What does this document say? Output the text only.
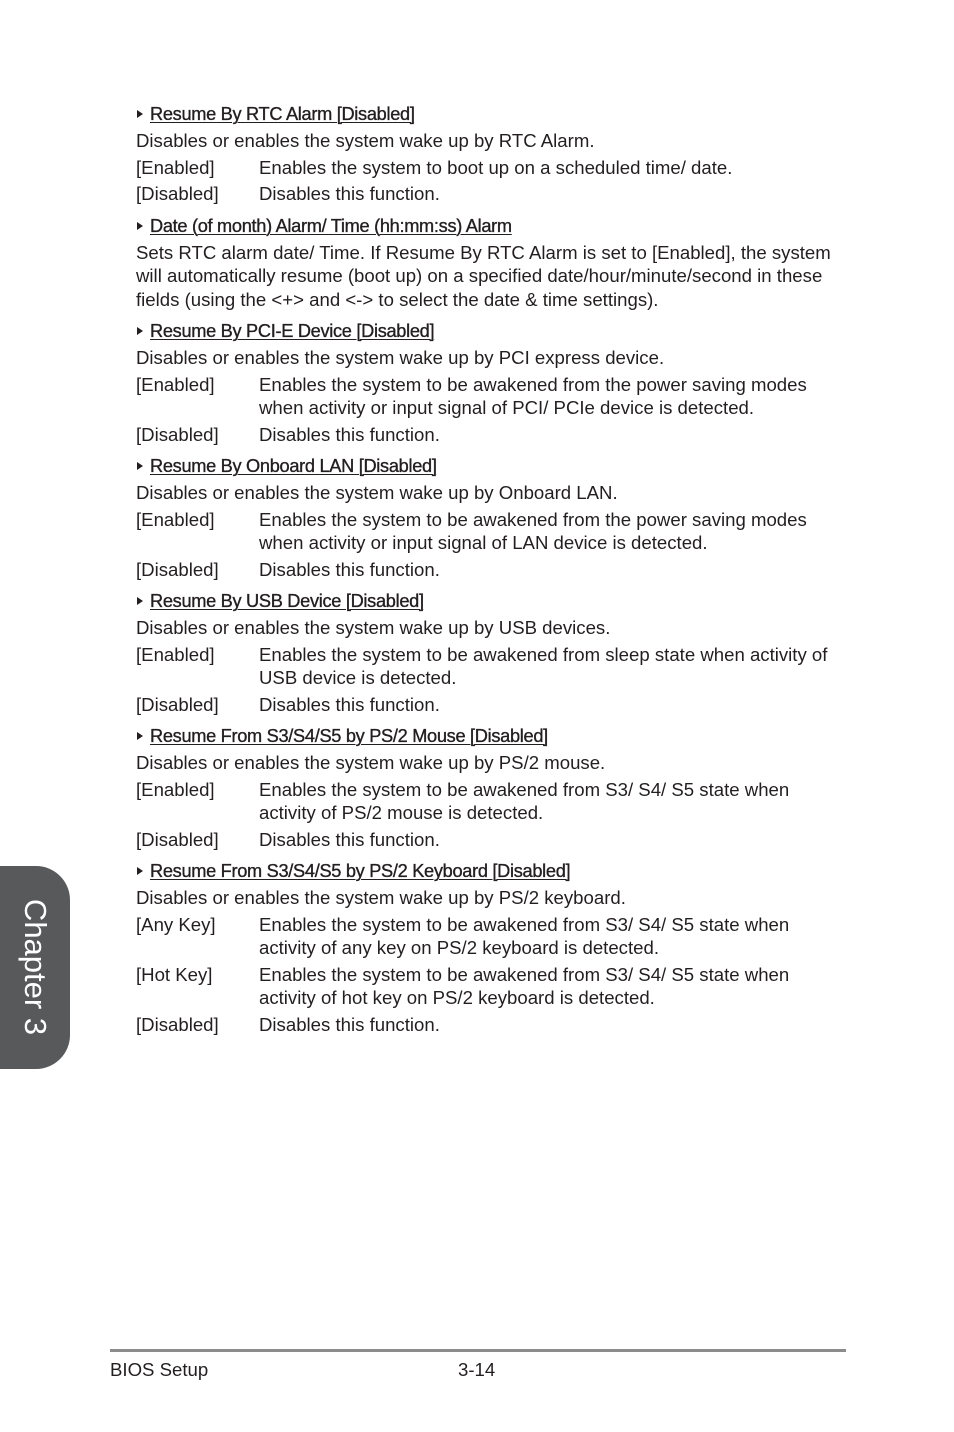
Resume By RTC Alarm [Disabled]
Disables or enables the system wake up by RTC Alarm.
[Enabled]	Enables the system to boot up on a scheduled time/ date.
[Disabled]	Disables this function.
Date (of month) Alarm/ Time (hh:mm:ss) Alarm
Sets RTC alarm date/ Time. If Resume By RTC Alarm is set to [Enabled], the system will automatically resume (boot up) on a specified date/hour/minute/second in these fields (using the <+> and <-> to select the date & time settings).
Resume By PCI-E Device [Disabled]
Disables or enables the system wake up by PCI express device.
[Enabled]	Enables the system to be awakened from the power saving modes when activity or input signal of PCI/ PCIe device is detected.
[Disabled]	Disables this function.
Resume By Onboard LAN [Disabled]
Disables or enables the system wake up by Onboard LAN.
[Enabled]	Enables the system to be awakened from the power saving modes when activity or input signal of LAN device is detected.
[Disabled]	Disables this function.
Resume By USB Device [Disabled]
Disables or enables the system wake up by USB devices.
[Enabled]	Enables the system to be awakened from sleep state when activity of USB device is detected.
[Disabled]	Disables this function.
Resume From S3/S4/S5 by PS/2 Mouse [Disabled]
Disables or enables the system wake up by PS/2 mouse.
[Enabled]	Enables the system to be awakened from S3/ S4/ S5 state when activity of PS/2 mouse is detected.
[Disabled]	Disables this function.
Resume From S3/S4/S5 by PS/2 Keyboard [Disabled]
Disables or enables the system wake up by PS/2 keyboard.
[Any Key]	Enables the system to be awakened from S3/ S4/ S5 state when activity of any key on PS/2 keyboard is detected.
[Hot Key]	Enables the system to be awakened from S3/ S4/ S5 state when activity of hot key on PS/2 keyboard is detected.
[Disabled]	Disables this function.
Chapter 3
BIOS Setup	3-14
